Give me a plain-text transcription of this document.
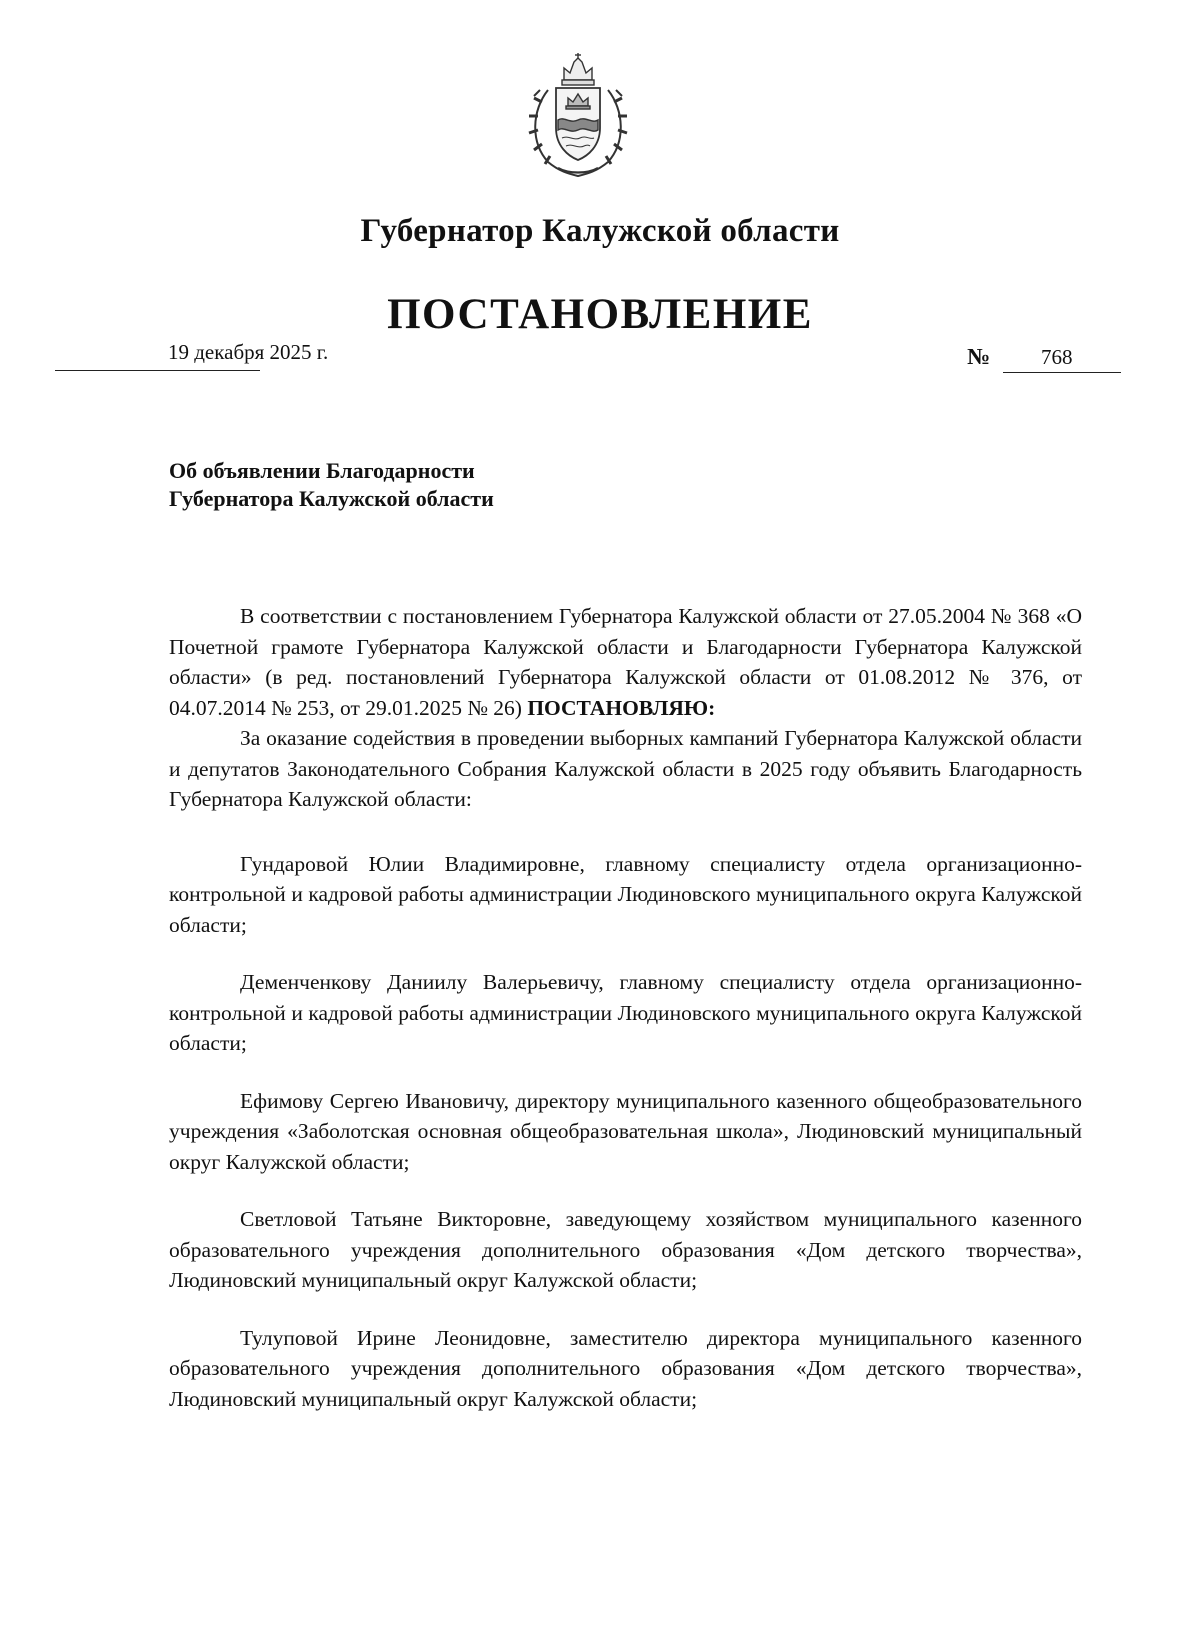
Губернатор Калужской области
ПОСТАНОВЛЕНИЕ
19 декабря 2025 г.	№ 768
Об объявлении Благодарности
Губернатора Калужской области

В соответствии с постановлением Губернатора Калужской области от 27.05.2004 № 368 «О Почетной грамоте Губернатора Калужской области и Благодарности Губернатора Калужской области» (в ред. постановлений Губернатора Калужской области от 01.08.2012 № 376, от 04.07.2014 № 253, от 29.01.2025 № 26) ПОСТАНОВЛЯЮ:

За оказание содействия в проведении выборных кампаний Губернатора Калужской области и депутатов Законодательного Собрания Калужской области в 2025 году объявить Благодарность Губернатора Калужской области:

Гундаровой Юлии Владимировне, главному специалисту отдела организационно-контрольной и кадровой работы администрации Людиновского муниципального округа Калужской области;

Деменченкову Даниилу Валерьевичу, главному специалисту отдела организационно-контрольной и кадровой работы администрации Людиновского муниципального округа Калужской области;

Ефимову Сергею Ивановичу, директору муниципального казенного общеобразовательного учреждения «Заболотская основная общеобразовательная школа», Людиновский муниципальный округ Калужской области;

Светловой Татьяне Викторовне, заведующему хозяйством муниципального казенного образовательного учреждения дополнительного образования «Дом детского творчества», Людиновский муниципальный округ Калужской области;

Тулуповой Ирине Леонидовне, заместителю директора муниципального казенного образовательного учреждения дополнительного образования «Дом детского творчества», Людиновский муниципальный округ Калужской области;
